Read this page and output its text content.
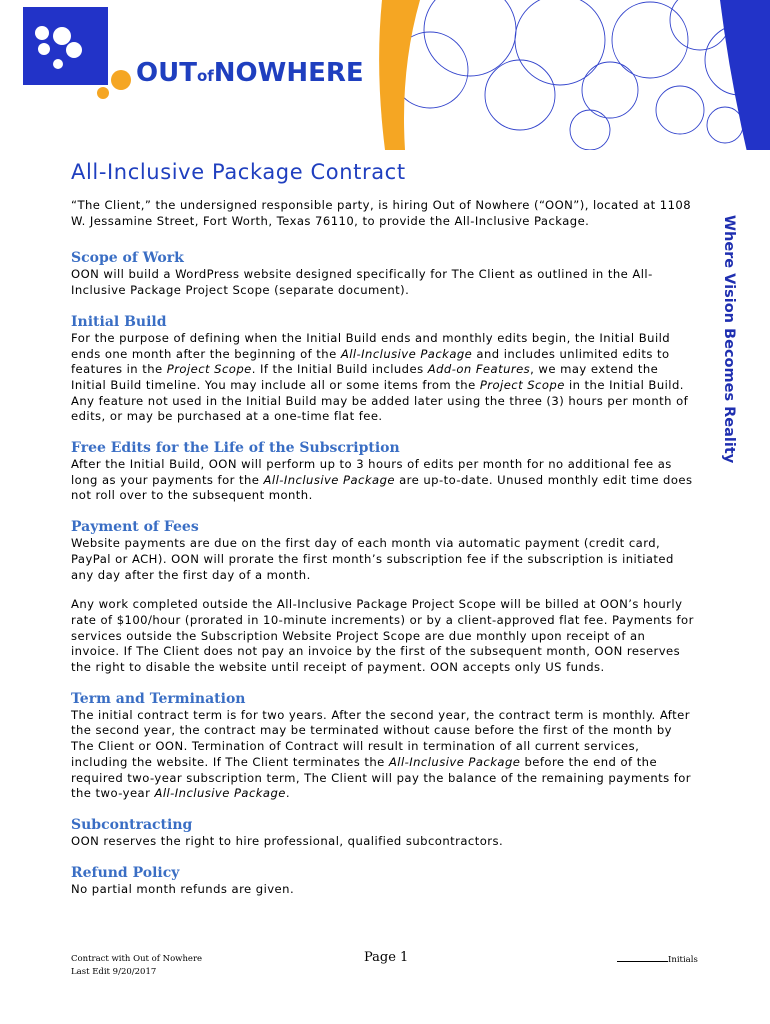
OUTofNOWHERE
Where Vision Becomes Reality
All-Inclusive Package Contract

“The Client,” the undersigned responsible party, is hiring Out of Nowhere (“OON”), located at 1108 W. Jessamine Street, Fort Worth, Texas 76110, to provide the All-Inclusive Package.

Scope of Work

OON will build a WordPress website designed specifically for The Client as outlined in the All-Inclusive Package Project Scope (separate document).

Initial Build

For the purpose of defining when the Initial Build ends and monthly edits begin, the Initial Build ends one month after the beginning of the All-Inclusive Package and includes unlimited edits to features in the Project Scope. If the Initial Build includes Add-on Features, we may extend the Initial Build timeline. You may include all or some items from the Project Scope in the Initial Build. Any feature not used in the Initial Build may be added later using the three (3) hours per month of edits, or may be purchased at a one-time flat fee.

Free Edits for the Life of the Subscription

After the Initial Build, OON will perform up to 3 hours of edits per month for no additional fee as long as your payments for the All-Inclusive Package are up-to-date. Unused monthly edit time does not roll over to the subsequent month.

Payment of Fees

Website payments are due on the first day of each month via automatic payment (credit card, PayPal or ACH). OON will prorate the first month’s subscription fee if the subscription is initiated any day after the first day of a month.

Any work completed outside the All-Inclusive Package Project Scope will be billed at OON’s hourly rate of $100/hour (prorated in 10-minute increments) or by a client-approved flat fee. Payments for services outside the Subscription Website Project Scope are due monthly upon receipt of an invoice. If The Client does not pay an invoice by the first of the subsequent month, OON reserves the right to disable the website until receipt of payment. OON accepts only US funds.

Term and Termination

The initial contract term is for two years. After the second year, the contract term is monthly. After the second year, the contract may be terminated without cause before the first of the month by The Client or OON. Termination of Contract will result in termination of all current services, including the website. If The Client terminates the All-Inclusive Package before the end of the required two-year subscription term, The Client will pay the balance of the remaining payments for the two-year All-Inclusive Package.

Subcontracting

OON reserves the right to hire professional, qualified subcontractors.

Refund Policy

No partial month refunds are given.

Contract with Out of Nowhere
Last Edit 9/20/2017
Page 1	Initials
